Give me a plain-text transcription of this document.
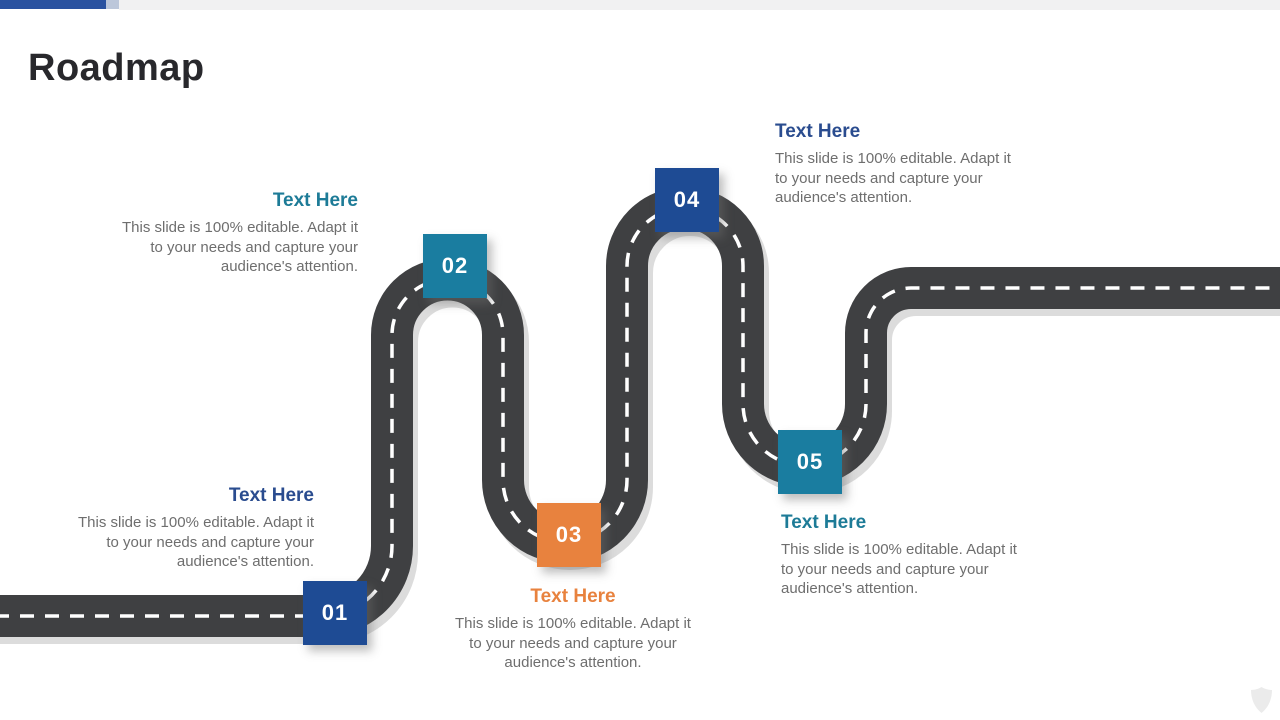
Roadmap
01
02
03
04
05
Text Here
This slide is 100% editable. Adapt it
to your needs and capture your
audience's attention.
Text Here
This slide is 100% editable. Adapt it
to your needs and capture your
audience's attention.
Text Here
This slide is 100% editable. Adapt it
to your needs and capture your
audience's attention.
Text Here
This slide is 100% editable. Adapt it
to your needs and capture your
audience's attention.
Text Here
This slide is 100% editable. Adapt it
to your needs and capture your
audience's attention.
